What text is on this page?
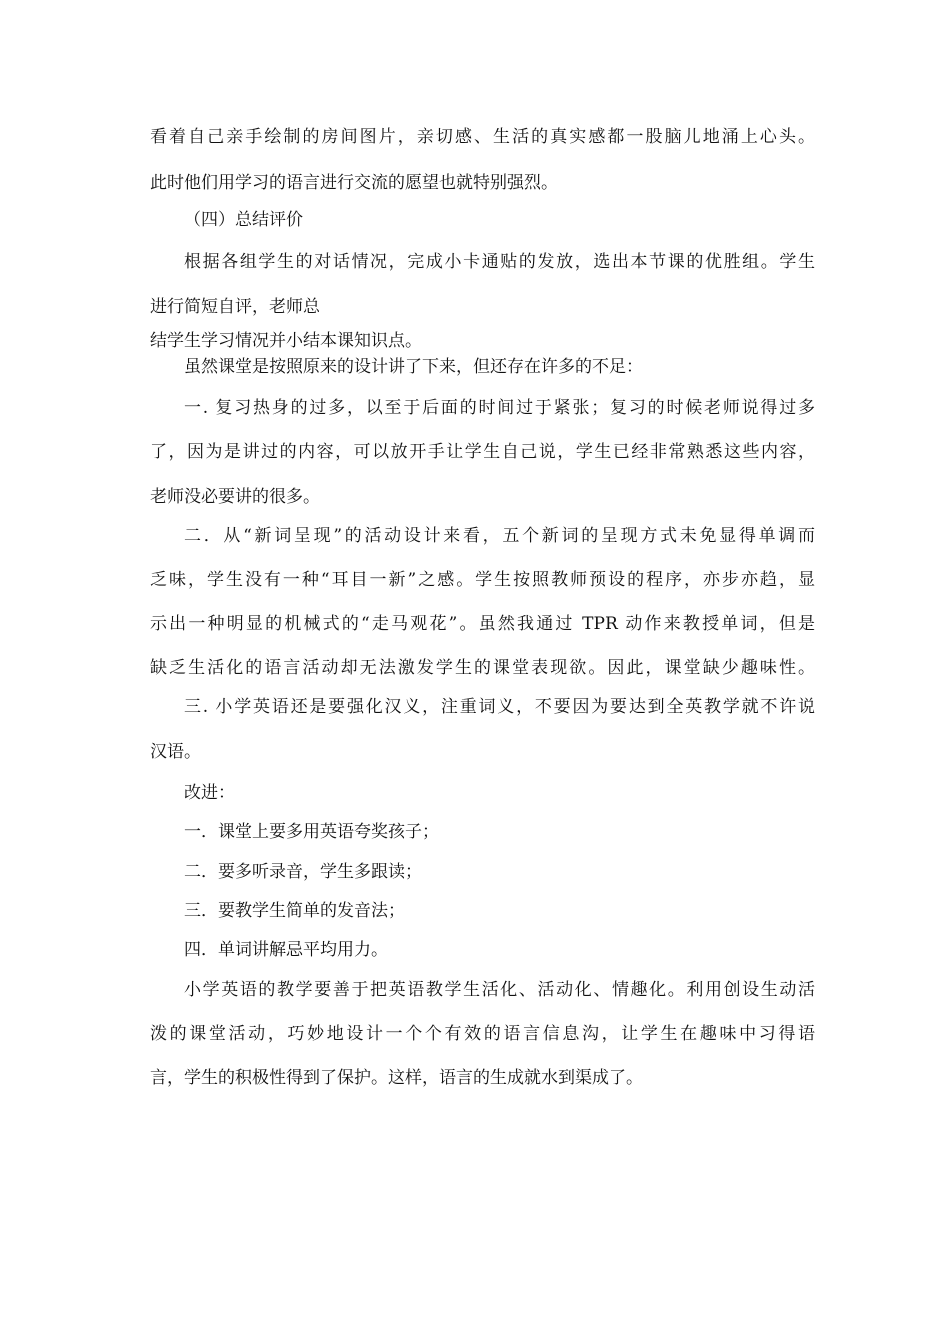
看着自己亲手绘制的房间图片，亲切感、生活的真实感都一股脑儿地涌上心头。
此时他们用学习的语言进行交流的愿望也就特别强烈。
（四）总结评价
根据各组学生的对话情况，完成小卡通贴的发放，选出本节课的优胜组。学生
进行简短自评，老师总
结学生学习情况并小结本课知识点。
虽然课堂是按照原来的设计讲了下来，但还存在许多的不足：
一. 复习热身的过多，以至于后面的时间过于紧张；复习的时候老师说得过多
了，因为是讲过的内容，可以放开手让学生自己说，学生已经非常熟悉这些内容，
老师没必要讲的很多。
二．从“新词呈现”的活动设计来看，五个新词的呈现方式未免显得单调而
乏味，学生没有一种“耳目一新”之感。学生按照教师预设的程序，亦步亦趋，显
示出一种明显的机械式的“走马观花”。虽然我通过 TPR 动作来教授单词，但是
缺乏生活化的语言活动却无法激发学生的课堂表现欲。因此，课堂缺少趣味性。
三. 小学英语还是要强化汉义，注重词义，不要因为要达到全英教学就不许说
汉语。
改进：
一．课堂上要多用英语夸奖孩子；
二．要多听录音，学生多跟读；
三．要教学生简单的发音法；
四．单词讲解忌平均用力。
小学英语的教学要善于把英语教学生活化、活动化、情趣化。利用创设生动活
泼的课堂活动，巧妙地设计一个个有效的语言信息沟，让学生在趣味中习得语
言，学生的积极性得到了保护。这样，语言的生成就水到渠成了。
